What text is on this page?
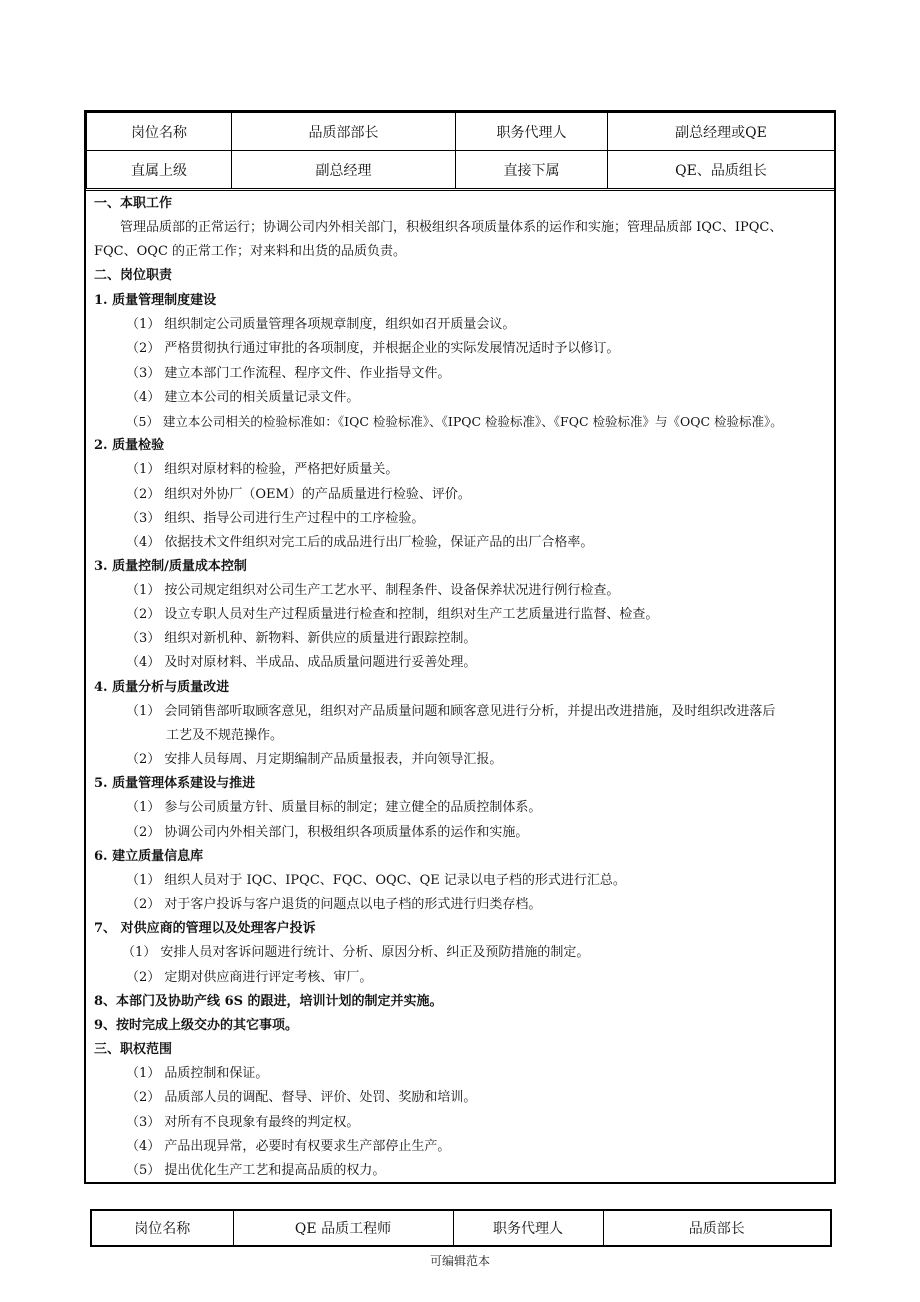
岗位名称	品质部部长	职务代理人	副总经理或QE
直属上级	副总经理	直接下属	QE、品质组长
一、本职工作
管理品质部的正常运行；协调公司内外相关部门，积极组织各项质量体系的运作和实施；管理品质部 IQC、IPQC、
FQC、OQC 的正常工作；对来料和出货的品质负责。
二、岗位职责
1. 质量管理制度建设
（1） 组织制定公司质量管理各项规章制度，组织如召开质量会议。
（2） 严格贯彻执行通过审批的各项制度，并根据企业的实际发展情况适时予以修订。
（3） 建立本部门工作流程、程序文件、作业指导文件。
（4） 建立本公司的相关质量记录文件。
（5） 建立本公司相关的检验标准如：《IQC 检验标准》、《IPQC 检验标准》、《FQC 检验标准》与《OQC 检验标准》。
2. 质量检验
（1） 组织对原材料的检验，严格把好质量关。
（2） 组织对外协厂（OEM）的产品质量进行检验、评价。
（3） 组织、指导公司进行生产过程中的工序检验。
（4） 依据技术文件组织对完工后的成品进行出厂检验，保证产品的出厂合格率。
3. 质量控制/质量成本控制
（1） 按公司规定组织对公司生产工艺水平、制程条件、设备保养状况进行例行检查。
（2） 设立专职人员对生产过程质量进行检查和控制，组织对生产工艺质量进行监督、检查。
（3） 组织对新机种、新物料、新供应的质量进行跟踪控制。
（4） 及时对原材料、半成品、成品质量问题进行妥善处理。
4. 质量分析与质量改进
（1） 会同销售部听取顾客意见，组织对产品质量问题和顾客意见进行分析，并提出改进措施，及时组织改进落后
工艺及不规范操作。
（2） 安排人员每周、月定期编制产品质量报表，并向领导汇报。
5. 质量管理体系建设与推进
（1） 参与公司质量方针、质量目标的制定；建立健全的品质控制体系。
（2） 协调公司内外相关部门，积极组织各项质量体系的运作和实施。
6. 建立质量信息库
（1） 组织人员对于 IQC、IPQC、FQC、OQC、QE 记录以电子档的形式进行汇总。
（2） 对于客户投诉与客户退货的问题点以电子档的形式进行归类存档。
7、 对供应商的管理以及处理客户投诉
（1） 安排人员对客诉问题进行统计、分析、原因分析、纠正及预防措施的制定。
（2） 定期对供应商进行评定考核、审厂。
8、本部门及协助产线 6S 的跟进，培训计划的制定并实施。
9、按时完成上级交办的其它事项。
三、职权范围
（1） 品质控制和保证。
（2） 品质部人员的调配、督导、评价、处罚、奖励和培训。
（3） 对所有不良现象有最终的判定权。
（4） 产品出现异常，必要时有权要求生产部停止生产。
（5） 提出优化生产工艺和提高品质的权力。
岗位名称	QE 品质工程师	职务代理人	品质部长
可编辑范本
